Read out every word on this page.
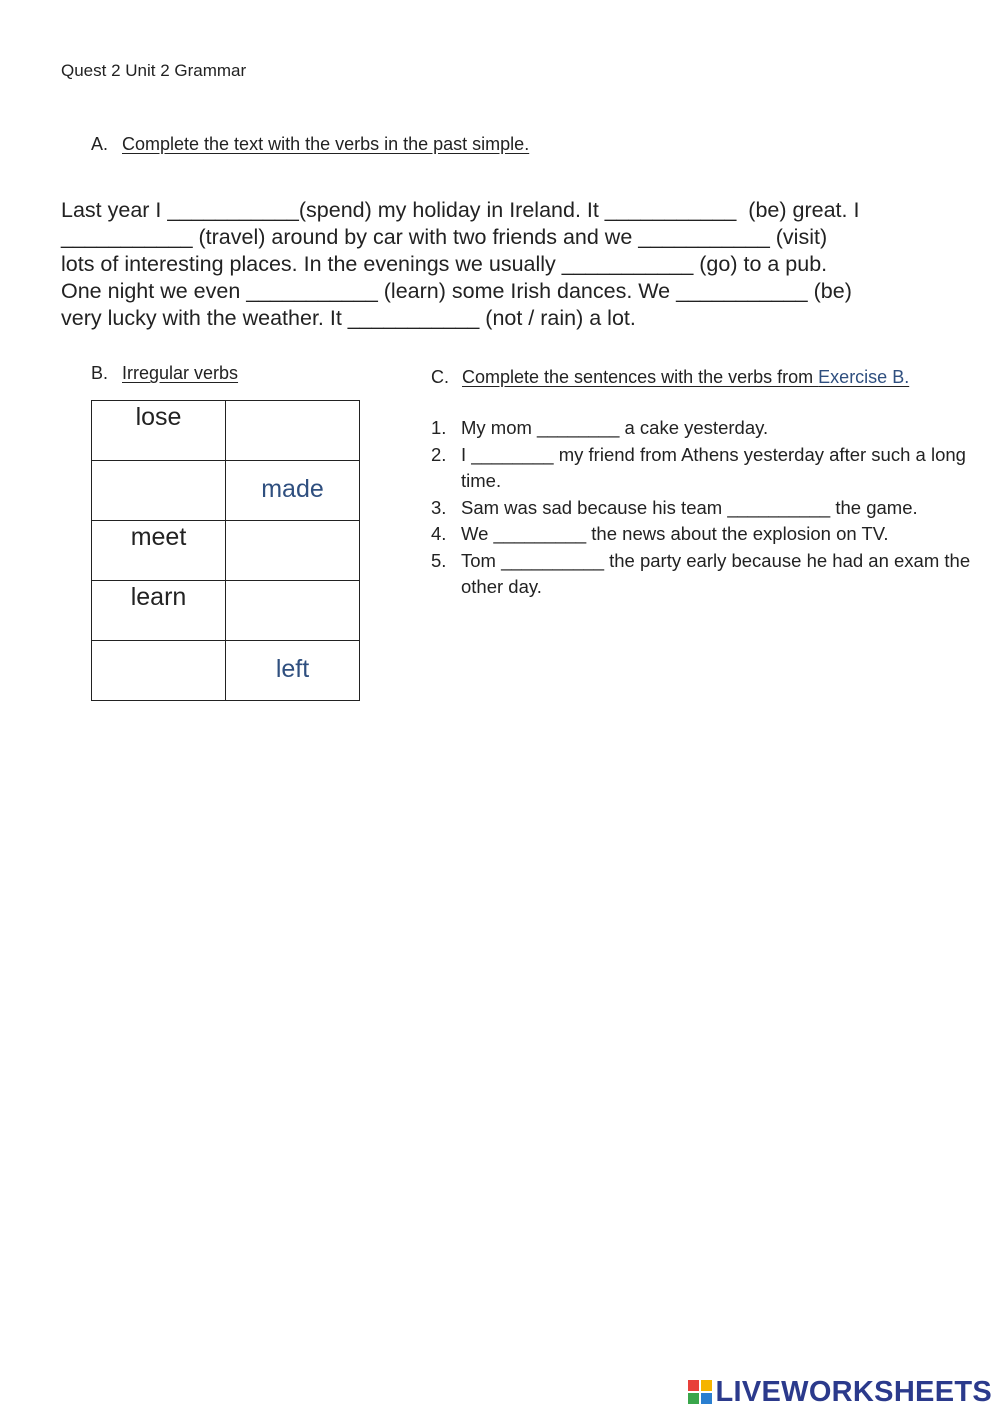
Quest 2 Unit 2 Grammar
A. Complete the text with the verbs in the past simple.
Last year I ___________(spend) my holiday in Ireland. It ___________  (be) great. I
___________ (travel) around by car with two friends and we ___________ (visit)
lots of interesting places. In the evenings we usually ___________ (go) to a pub.
One night we even ___________ (learn) some Irish dances. We ___________ (be)
very lucky with the weather. It ___________ (not / rain) a lot.
B. Irregular verbs
lose	
	made
meet	
learn	
	left
C. Complete the sentences with the verbs from Exercise B.
1. My mom ________ a cake yesterday.
2. I ________ my friend from Athens yesterday after such a long time.
3. Sam was sad because his team __________ the game.
4. We _________ the news about the explosion on TV.
5. Tom __________ the party early because he had an exam the other day.
LIVEWORKSHEETS
